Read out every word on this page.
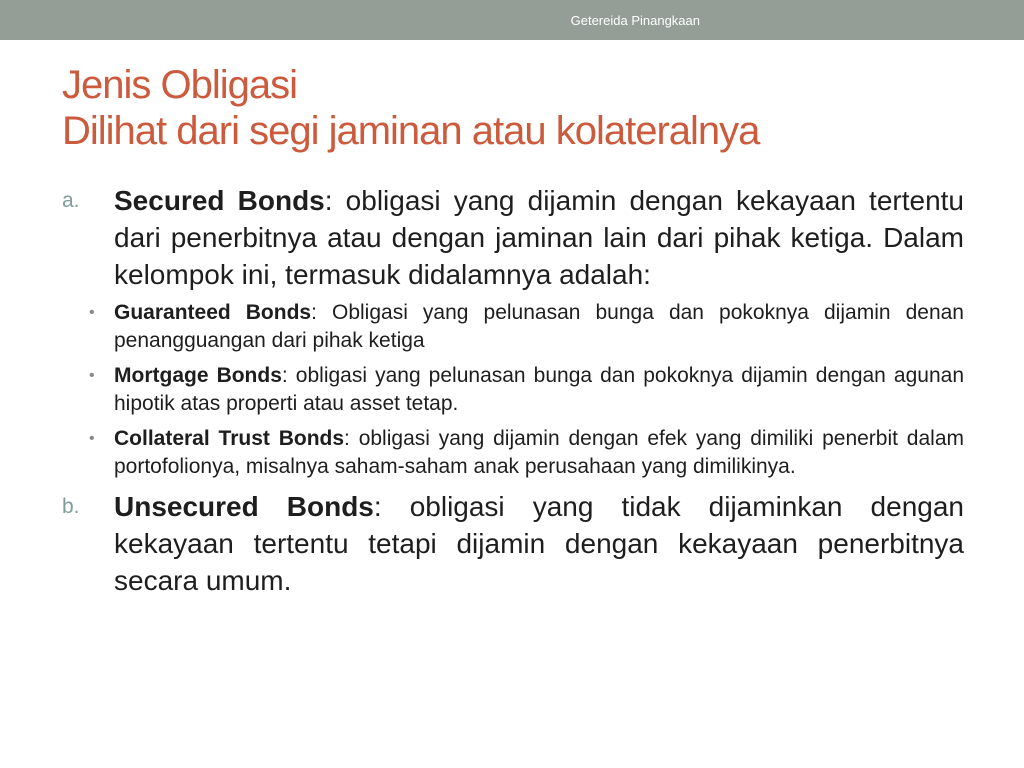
Getereida Pinangkaan
Jenis Obligasi
Dilihat dari segi jaminan atau kolateralnya
a.	Secured Bonds: obligasi yang dijamin dengan kekayaan tertentu dari penerbitnya atau dengan jaminan lain dari pihak ketiga. Dalam kelompok ini, termasuk didalamnya adalah:
• Guaranteed Bonds: Obligasi yang pelunasan bunga dan pokoknya dijamin denan penangguangan dari pihak ketiga
• Mortgage Bonds: obligasi yang pelunasan bunga dan pokoknya dijamin dengan agunan hipotik atas properti atau asset tetap.
• Collateral Trust Bonds: obligasi yang dijamin dengan efek yang dimiliki penerbit dalam portofolionya, misalnya saham-saham anak perusahaan yang dimilikinya.
b.	Unsecured Bonds: obligasi yang tidak dijaminkan dengan kekayaan tertentu tetapi dijamin dengan kekayaan penerbitnya secara umum.
